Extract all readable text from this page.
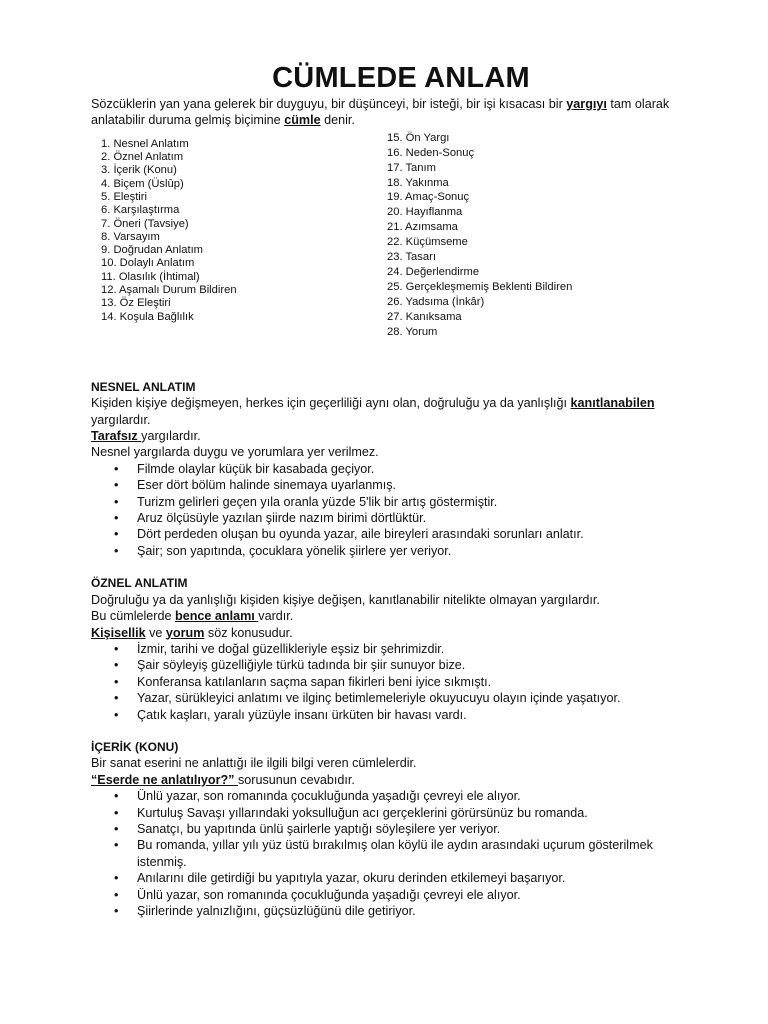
CÜMLEDE ANLAM

Sözcüklerin yan yana gelerek bir duyguyu, bir düşünceyi, bir isteği, bir işi kısacası bir yargıyı tam olarak anlatabilir duruma gelmiş biçimine cümle denir.

1. Nesnel Anlatım
2. Öznel Anlatım
3. İçerik (Konu)
4. Biçem (Üslûp)
5. Eleştiri
6. Karşılaştırma
7. Öneri (Tavsiye)
8. Varsayım
9. Doğrudan Anlatım
10. Dolaylı Anlatım
11. Olasılık (İhtimal)
12. Aşamalı Durum Bildiren
13. Öz Eleştiri
14. Koşula Bağlılık
15. Ön Yargı
16. Neden-Sonuç
17. Tanım
18. Yakınma
19. Amaç-Sonuç
20. Hayıflanma
21. Azımsama
22. Küçümseme
23. Tasarı
24. Değerlendirme
25. Gerçekleşmemiş Beklenti Bildiren
26. Yadsıma (İnkâr)
27. Kanıksama
28. Yorum

NESNEL ANLATIM

Kişiden kişiye değişmeyen, herkes için geçerliliği aynı olan, doğruluğu ya da yanlışlığı kanıtlanabilen yargılardır.

Tarafsız yargılardır.

Nesnel yargılarda duygu ve yorumlara yer verilmez.

• Filmde olaylar küçük bir kasabada geçiyor.
• Eser dört bölüm halinde sinemaya uyarlanmış.
• Turizm gelirleri geçen yıla oranla yüzde 5'lik bir artış göstermiştir.
• Aruz ölçüsüyle yazılan şiirde nazım birimi dörtlüktür.
• Dört perdeden oluşan bu oyunda yazar, aile bireyleri arasındaki sorunları anlatır.
• Şair; son yapıtında, çocuklara yönelik şiirlere yer veriyor.

ÖZNEL ANLATIM

Doğruluğu ya da yanlışlığı kişiden kişiye değişen, kanıtlanabilir nitelikte olmayan yargılardır.

Bu cümlelerde bence anlamı vardır.

Kişisellik ve yorum söz konusudur.

• İzmir, tarihi ve doğal güzellikleriyle eşsiz bir şehrimizdir.
• Şair söyleyiş güzelliğiyle türkü tadında bir şiir sunuyor bize.
• Konferansa katılanların saçma sapan fikirleri beni iyice sıkmıştı.
• Yazar, sürükleyici anlatımı ve ilginç betimlemeleriyle okuyucuyu olayın içinde yaşatıyor.
• Çatık kaşları, yaralı yüzüyle insanı ürküten bir havası vardı.

İÇERİK (KONU)

Bir sanat eserini ne anlattığı ile ilgili bilgi veren cümlelerdir.

“Eserde ne anlatılıyor?” sorusunun cevabıdır.

• Ünlü yazar, son romanında çocukluğunda yaşadığı çevreyi ele alıyor.
• Kurtuluş Savaşı yıllarındaki yoksulluğun acı gerçeklerini görürsünüz bu romanda.
• Sanatçı, bu yapıtında ünlü şairlerle yaptığı söyleşilere yer veriyor.
• Bu romanda, yıllar yılı yüz üstü bırakılmış olan köylü ile aydın arasındaki uçurum gösterilmek istenmiş.
• Anılarını dile getirdiği bu yapıtıyla yazar, okuru derinden etkilemeyi başarıyor.
• Ünlü yazar, son romanında çocukluğunda yaşadığı çevreyi ele alıyor.
• Şiirlerinde yalnızlığını, güçsüzlüğünü dile getiriyor.
